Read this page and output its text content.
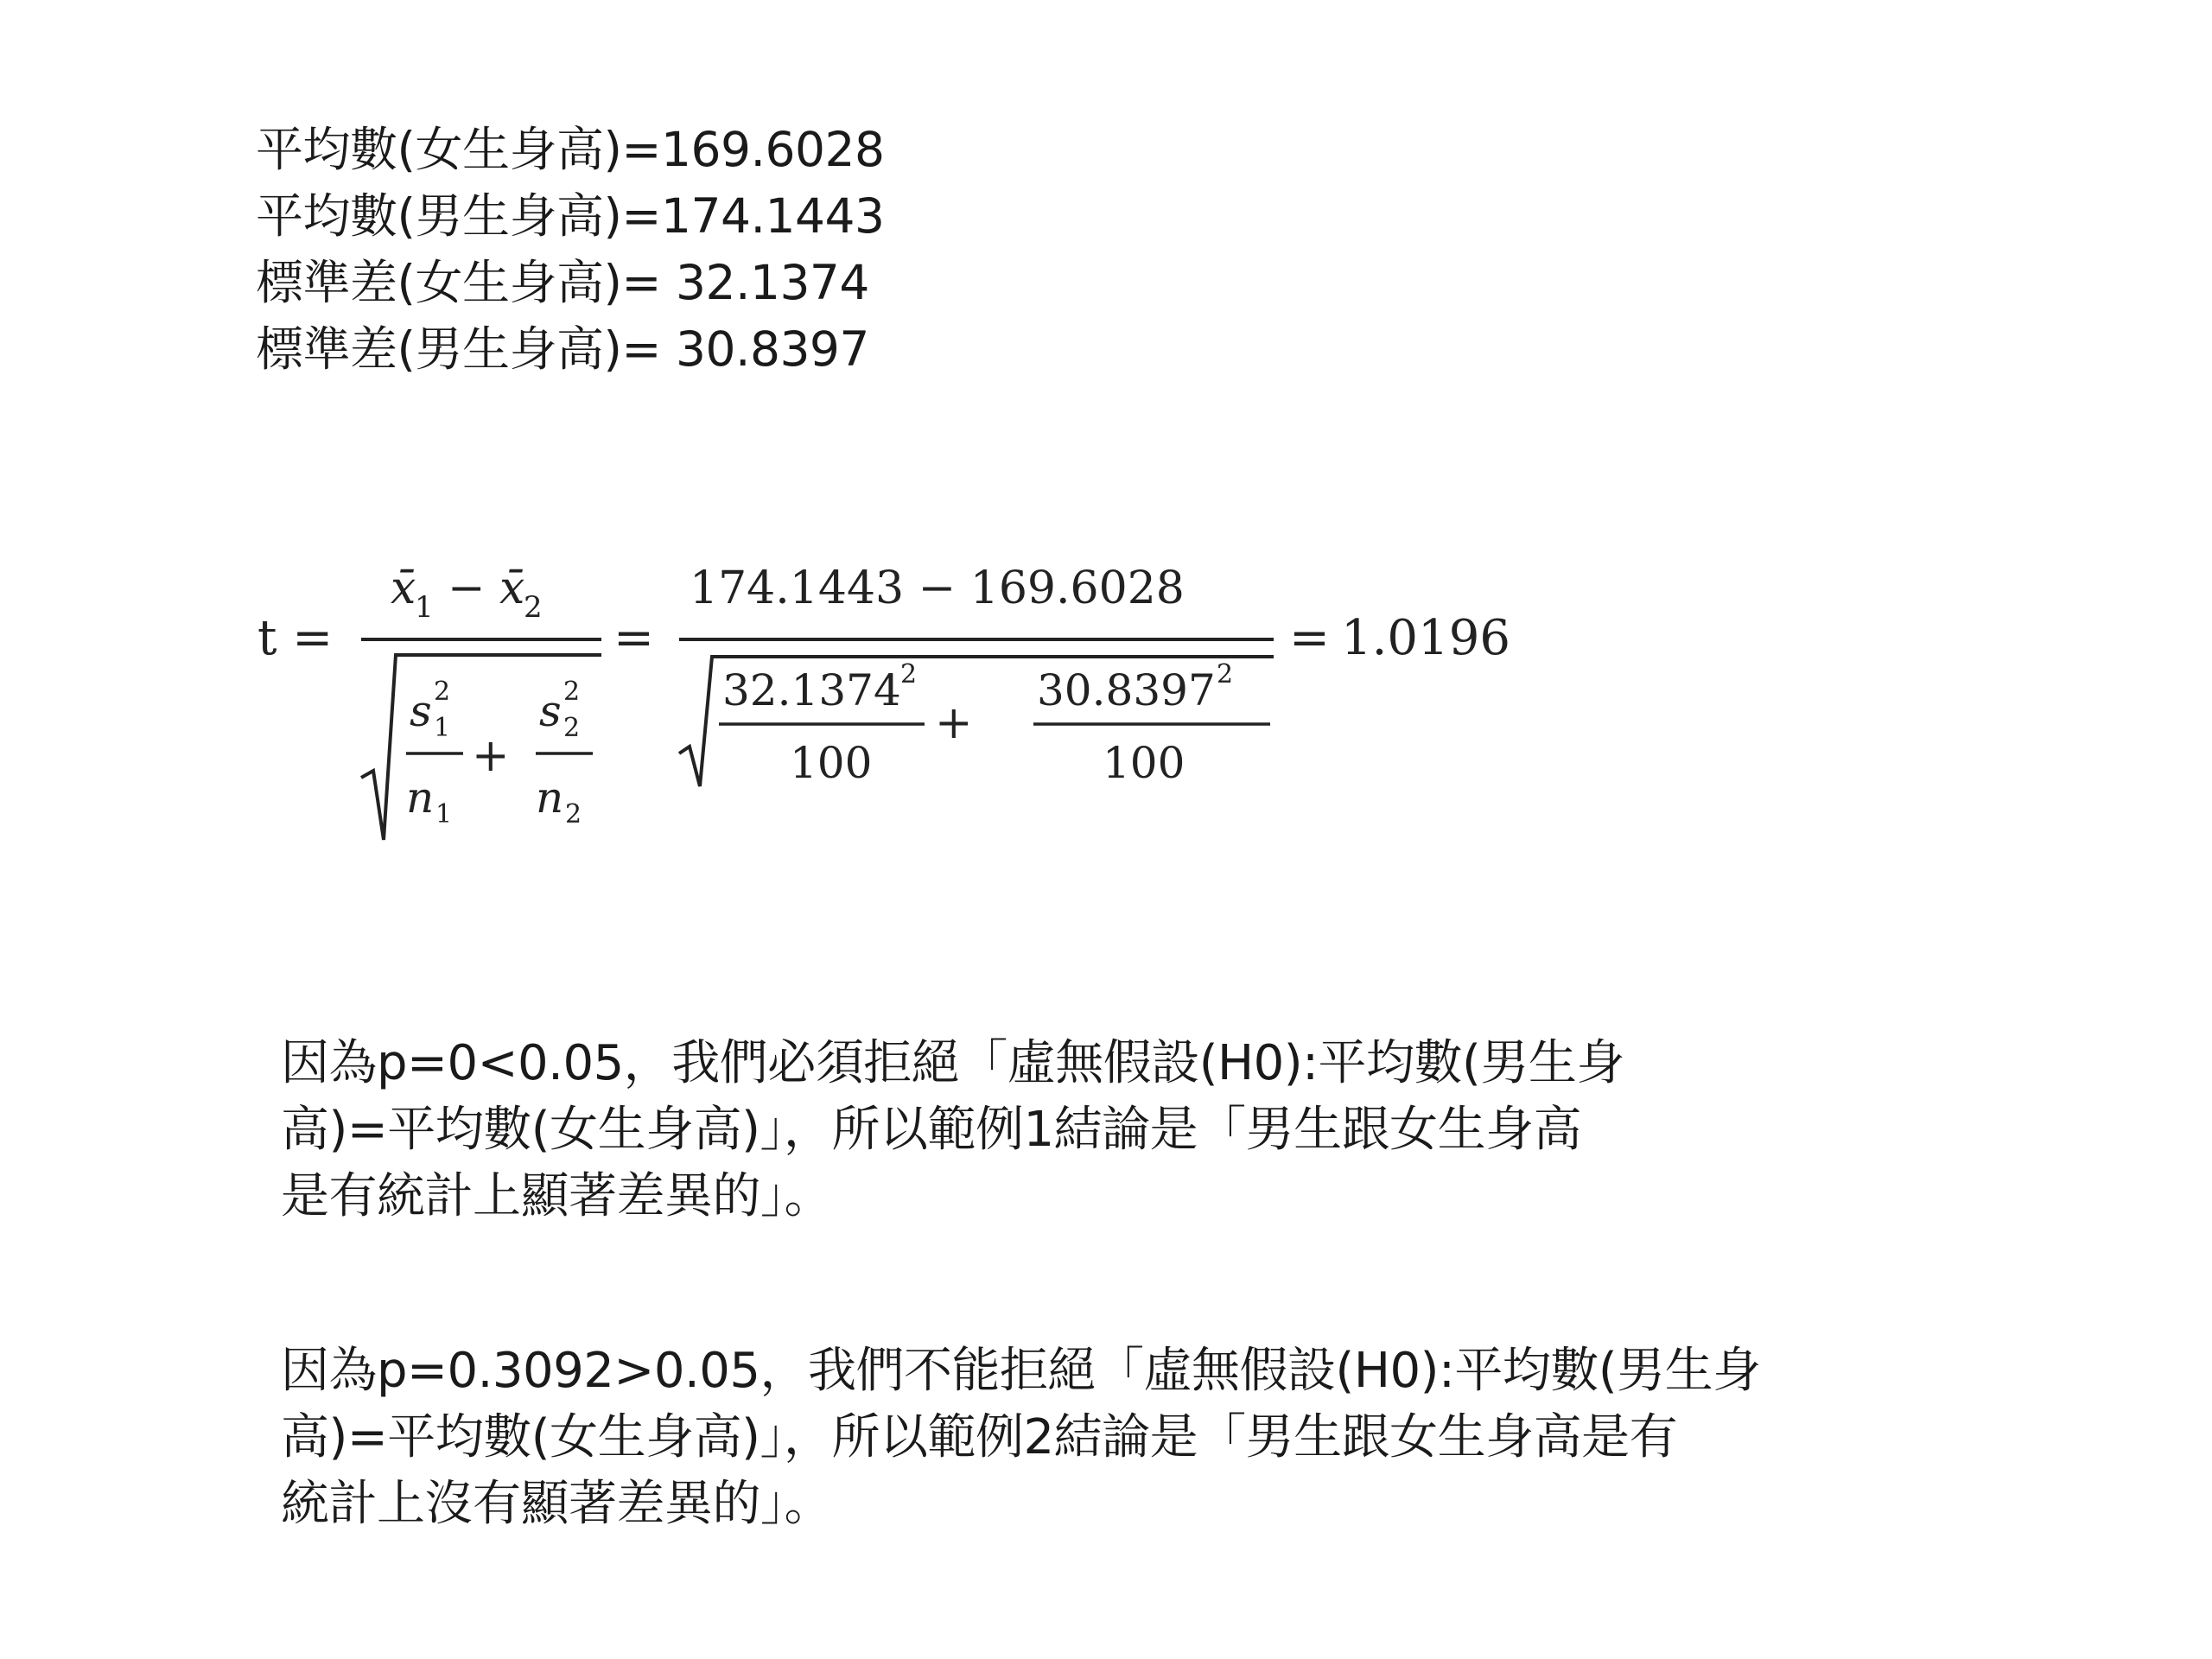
平均數(女生身高)=169.6028
平均數(男生身高)=174.1443
標準差(女生身高)= 32.1374
標準差(男生身高)= 30.8397
t =
x̄
1 − x̄
2
s 2
1
n 1
+
s 2
2
n 2
=
174.1443 − 169.6028
32.1374 2
100
+
30.8397 2
100
= 1.0196
因為p=0<0.05，我們必須拒絕「虛無假設(H0):平均數(男生身
高)=平均數(女生身高)」，所以範例1結論是「男生跟女生身高
是有統計上顯著差異的」。
因為p=0.3092>0.05，我們不能拒絕「虛無假設(H0):平均數(男生身
高)=平均數(女生身高)」，所以範例2結論是「男生跟女生身高是有
統計上沒有顯著差異的」。
